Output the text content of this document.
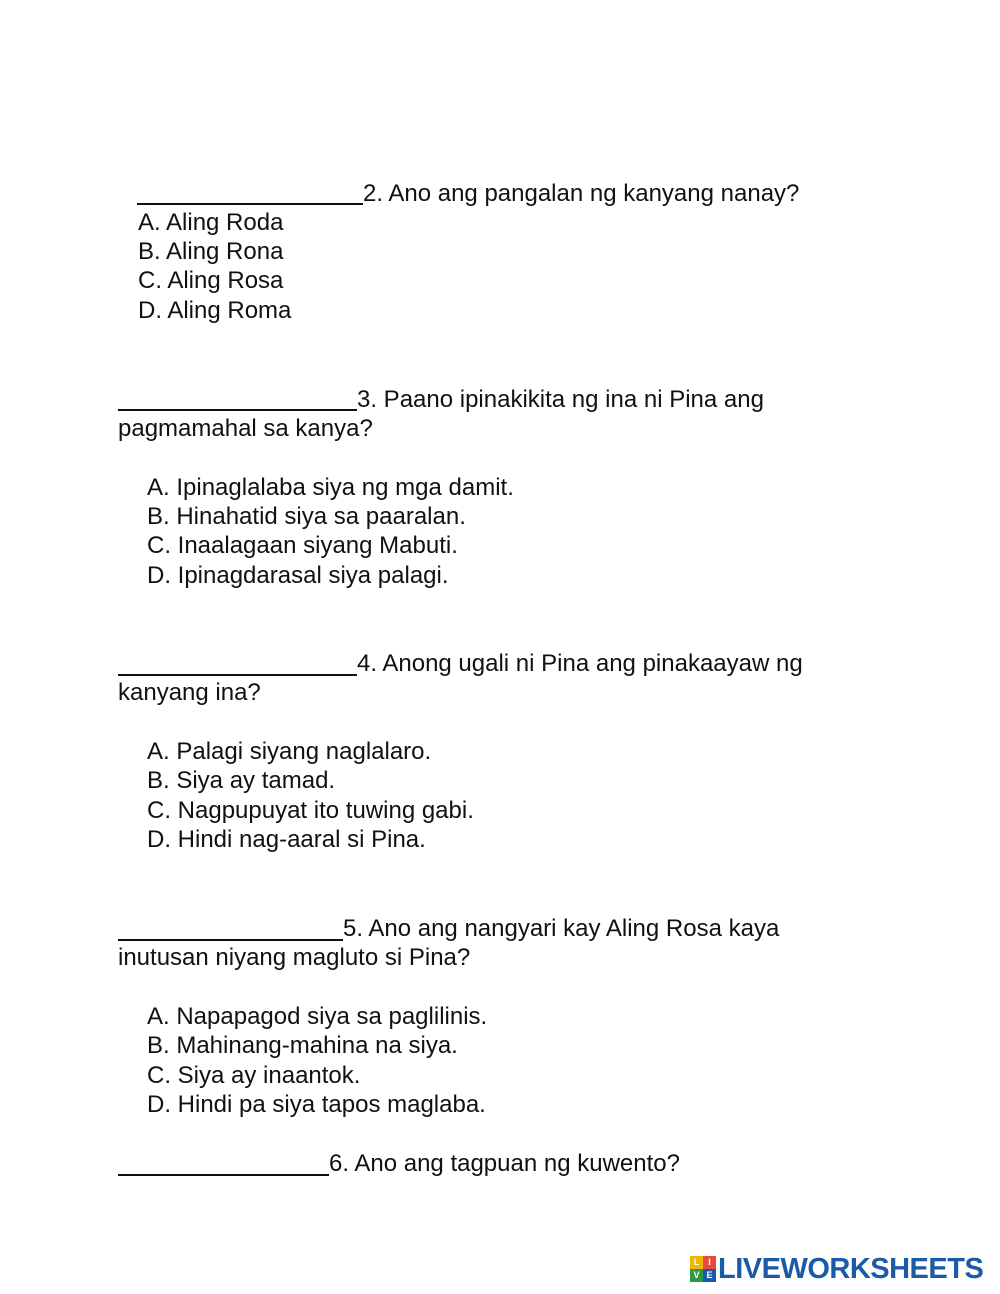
2. Ano ang pangalan ng kanyang nanay?
A. Aling Roda
B. Aling Rona
C. Aling Rosa
D. Aling Roma
3. Paano ipinakikita ng ina ni Pina ang
pagmamahal sa kanya?
A. Ipinaglalaba siya ng mga damit.
B. Hinahatid siya sa paaralan.
C. Inaalagaan siyang Mabuti.
D. Ipinagdarasal siya palagi.
4. Anong ugali ni Pina ang pinakaayaw ng
kanyang ina?
A. Palagi siyang naglalaro.
B. Siya ay tamad.
C. Nagpupuyat ito tuwing gabi.
D. Hindi nag-aaral si Pina.
5. Ano ang nangyari kay Aling Rosa kaya
inutusan niyang magluto si Pina?
A. Napapagod siya sa paglilinis.
B. Mahinang-mahina na siya.
C. Siya ay inaantok.
D. Hindi pa siya tapos maglaba.
6. Ano ang tagpuan ng kuwento?
L I
V E LIVEWORKSHEETS
